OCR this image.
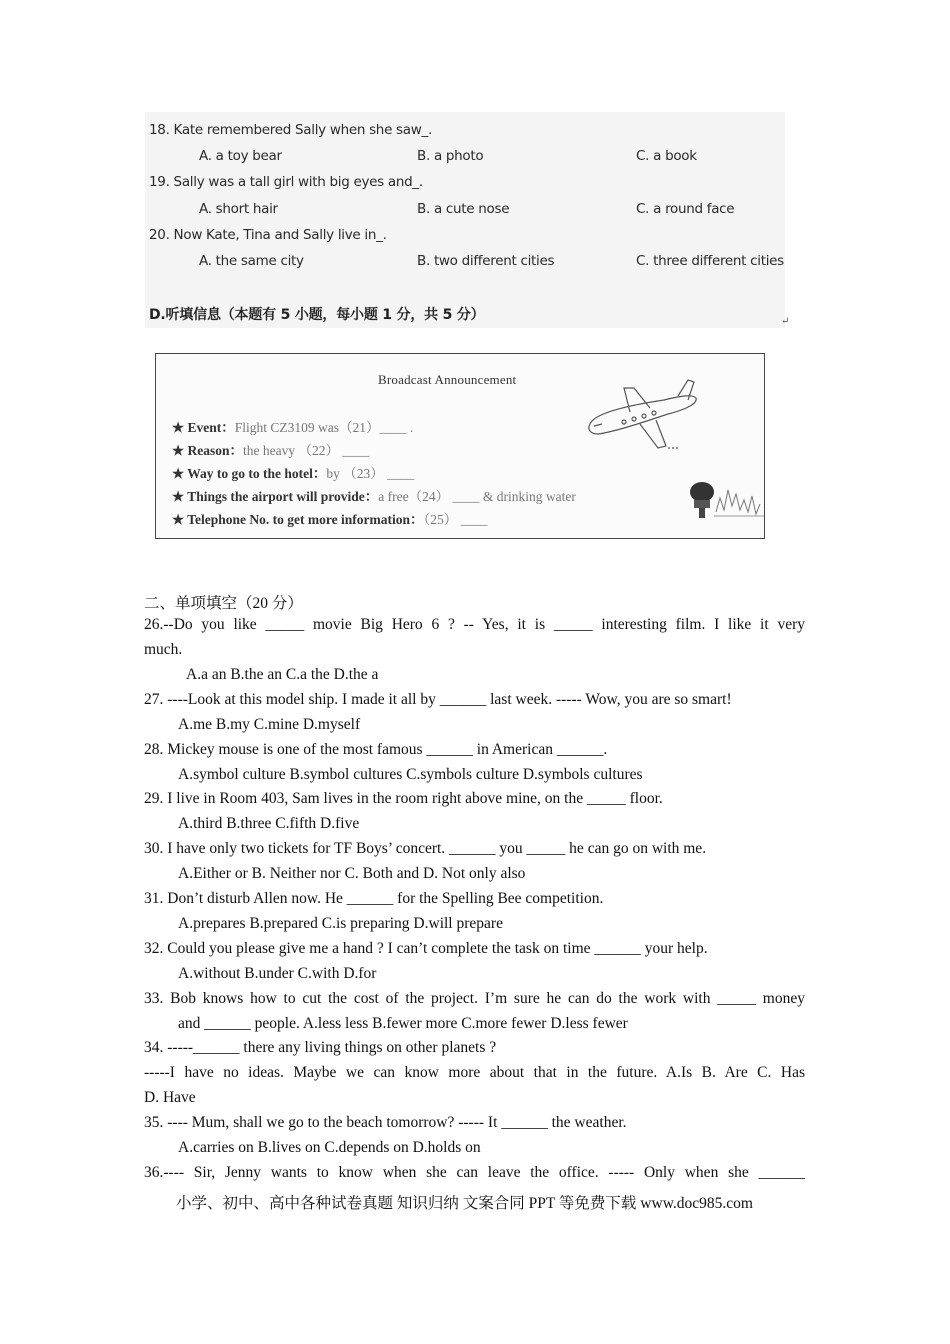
18. Kate remembered Sally when she saw_.
A. a toy bear	B. a photo	C. a book
19. Sally was a tall girl with big eyes and_.
A. short hair	B. a cute nose	C. a round face
20. Now Kate, Tina and Sally live in_.
A. the same city	B. two different cities	C. three different cities
D.听填信息（本题有 5 小题，每小题 1 分，共 5 分）	↵
Broadcast Announcement
★ Event：Flight CZ3109 was（21）____ .
★ Reason：the heavy （22） ____
★ Way to go to the hotel：by （23） ____
★ Things the airport will provide：a free（24） ____ & drinking water
★ Telephone No. to get more information：（25） ____
二、单项填空（20 分）
26.--Do you like _____ movie Big Hero 6 ? -- Yes, it is _____ interesting film. I like it very
much.
A.a an B.the an C.a the D.the a
27. ----Look at this model ship. I made it all by ______ last week. ----- Wow, you are so smart!
A.me B.my C.mine D.myself
28. Mickey mouse is one of the most famous ______ in American ______.
A.symbol culture B.symbol cultures C.symbols culture D.symbols cultures
29. I live in Room 403, Sam lives in the room right above mine, on the _____ floor.
A.third B.three C.fifth D.five
30. I have only two tickets for TF Boys’ concert. ______ you _____ he can go on with me.
A.Either or B. Neither nor C. Both and D. Not only also
31. Don’t disturb Allen now. He ______ for the Spelling Bee competition.
A.prepares B.prepared C.is preparing D.will prepare
32. Could you please give me a hand ? I can’t complete the task on time ______ your help.
A.without B.under C.with D.for
33. Bob knows how to cut the cost of the project. I’m sure he can do the work with _____ money
and ______ people. A.less less B.fewer more C.more fewer D.less fewer
34. -----______ there any living things on other planets ?
-----I have no ideas. Maybe we can know more about that in the future. A.Is B. Are C. Has
D. Have
35. ---- Mum, shall we go to the beach tomorrow? ----- It ______ the weather.
A.carries on B.lives on C.depends on D.holds on
36.---- Sir, Jenny wants to know when she can leave the office. ----- Only when she ______
小学、初中、高中各种试卷真题 知识归纳 文案合同 PPT 等免费下载 www.doc985.com
